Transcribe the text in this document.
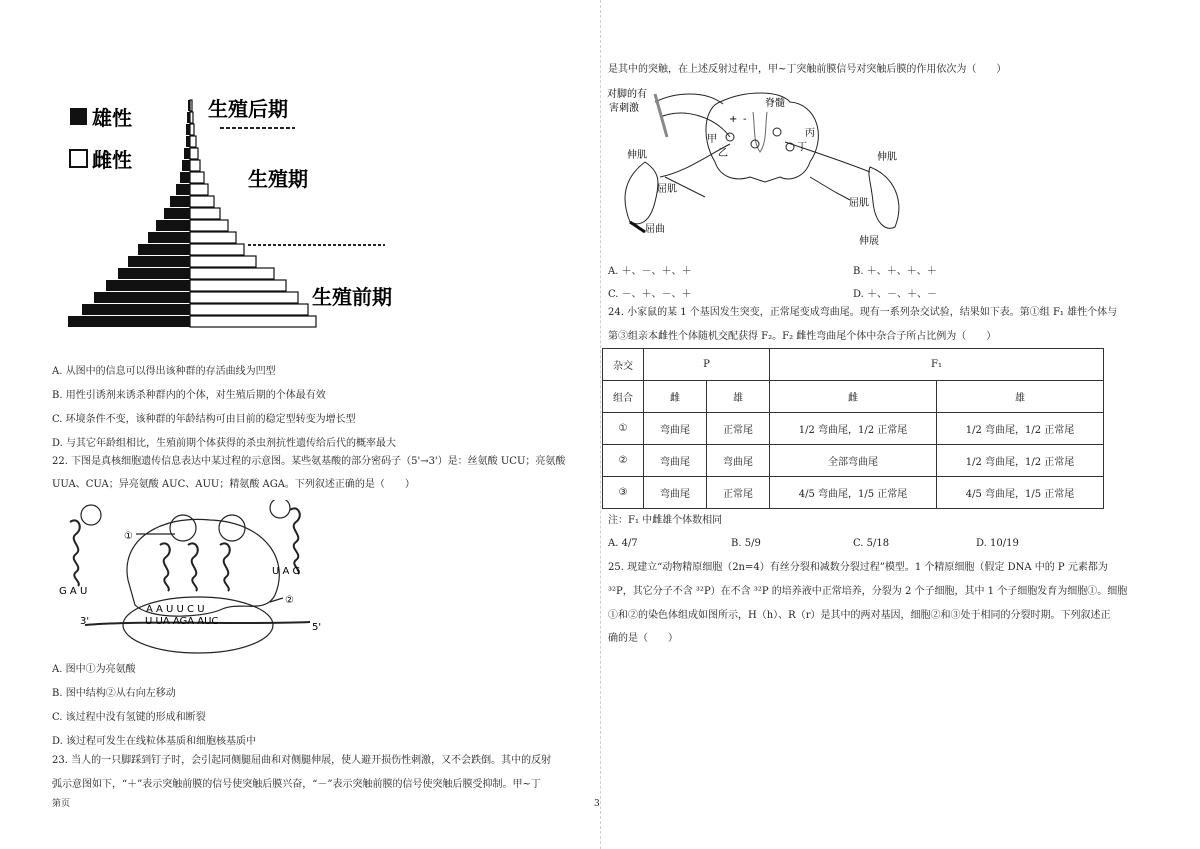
雄性
雌性
生殖后期
生殖期
生殖前期
A. 从图中的信息可以得出该种群的存活曲线为凹型
B. 用性引诱剂来诱杀种群内的个体，对生殖后期的个体最有效
C. 环境条件不变，该种群的年龄结构可由目前的稳定型转变为增长型
D. 与其它年龄组相比，生殖前期个体获得的杀虫剂抗性遗传给后代的概率最大
22. 下图是真核细胞遗传信息表达中某过程的示意图。某些氨基酸的部分密码子（5'→3'）是：丝氨酸 UCU；亮氨酸
UUA、CUA；异亮氨酸 AUC、AUU；精氨酸 AGA。下列叙述正确的是（　　）
G A U
U A G
①
②
A A U U C U
U UA AGA AUC
3'
5'
A. 图中①为亮氨酸
B. 图中结构②从右向左移动
C. 该过程中没有氢键的形成和断裂
D. 该过程可发生在线粒体基质和细胞核基质中
23. 当人的一只脚踩到钉子时，会引起同侧腿屈曲和对侧腿伸展，使人避开损伤性刺激，又不会跌倒。其中的反射
弧示意图如下，“＋”表示突触前膜的信号使突触后膜兴奋，“－”表示突触前膜的信号使突触后膜受抑制。甲~丁
第页	3
是其中的突触，在上述反射过程中，甲~丁突触前膜信号对突触后膜的作用依次为（　　）
对脚的有
害刺激	脊髓
甲
乙
丙
丁
+ -
伸肌
屈肌
屈曲
伸肌
屈肌
伸展
A. ＋、－、＋、＋	B. ＋、＋、＋、＋
C. －、＋、－、＋	D. ＋、－、＋、－
24. 小家鼠的某 1 个基因发生突变，正常尾变成弯曲尾。现有一系列杂交试验，结果如下表。第①组 F₁ 雄性个体与
第③组亲本雌性个体随机交配获得 F₂。F₂ 雌性弯曲尾个体中杂合子所占比例为（　　）
杂交	P		F₁	
组合	雌	雄	雌	雄
①	弯曲尾	正常尾	1/2 弯曲尾，1/2 正常尾	1/2 弯曲尾，1/2 正常尾
②	弯曲尾	弯曲尾	全部弯曲尾	1/2 弯曲尾，1/2 正常尾
③	弯曲尾	正常尾	4/5 弯曲尾，1/5 正常尾	4/5 弯曲尾，1/5 正常尾
注：F₁ 中雌雄个体数相同
A. 4/7	B. 5/9	C. 5/18	D. 10/19
25. 现建立“动物精原细胞（2n=4）有丝分裂和减数分裂过程”模型。1 个精原细胞（假定 DNA 中的 P 元素都为
³²P，其它分子不含 ³²P）在不含 ³²P 的培养液中正常培养，分裂为 2 个子细胞，其中 1 个子细胞发育为细胞①。细胞
①和②的染色体组成如图所示，H（h）、R（r）是其中的两对基因，细胞②和③处于相同的分裂时期。下列叙述正
确的是（　　）
